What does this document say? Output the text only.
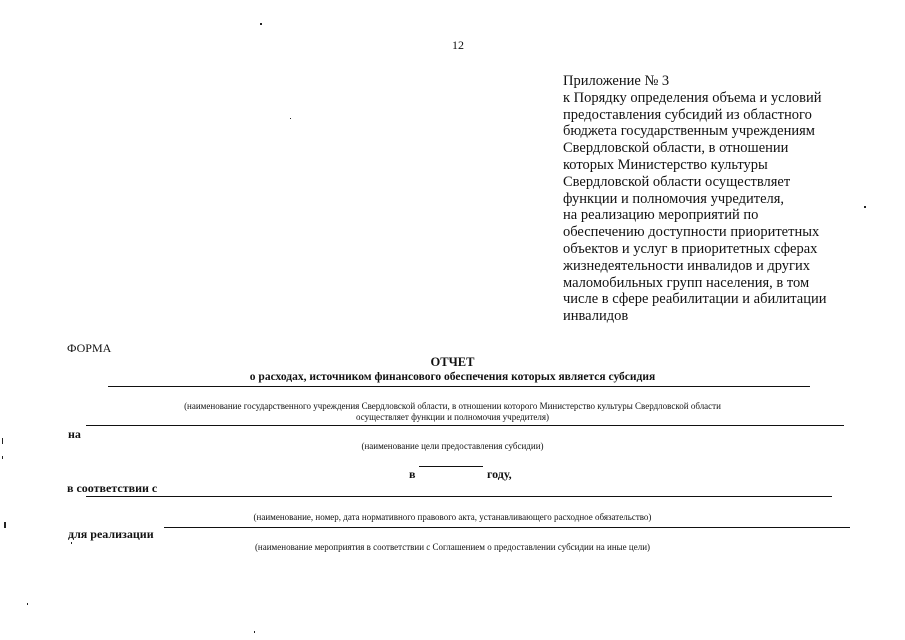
12
Приложение № 3
к Порядку определения объема и условий
предоставления субсидий из областного
бюджета государственным учреждениям
Свердловской области, в отношении
которых Министерство культуры
Свердловской области осуществляет
функции и полномочия учредителя,
на реализацию мероприятий по
обеспечению доступности приоритетных
объектов и услуг в приоритетных сферах
жизнедеятельности инвалидов и других
маломобильных групп населения, в том
числе в сфере реабилитации и абилитации
инвалидов
ФОРМА
ОТЧЕТ
о расходах, источником финансового обеспечения которых является субсидия
(наименование государственного учреждения Свердловской области, в отношении которого Министерство культуры Свердловской области
осуществляет функции и полномочия учредителя)
на
(наименование цели предоставления субсидии)
в	году,
в соответствии с
(наименование, номер, дата нормативного правового акта, устанавливающего расходное обязательство)
для реализации
(наименование мероприятия в соответствии с Соглашением о предоставлении субсидии на иные цели)
